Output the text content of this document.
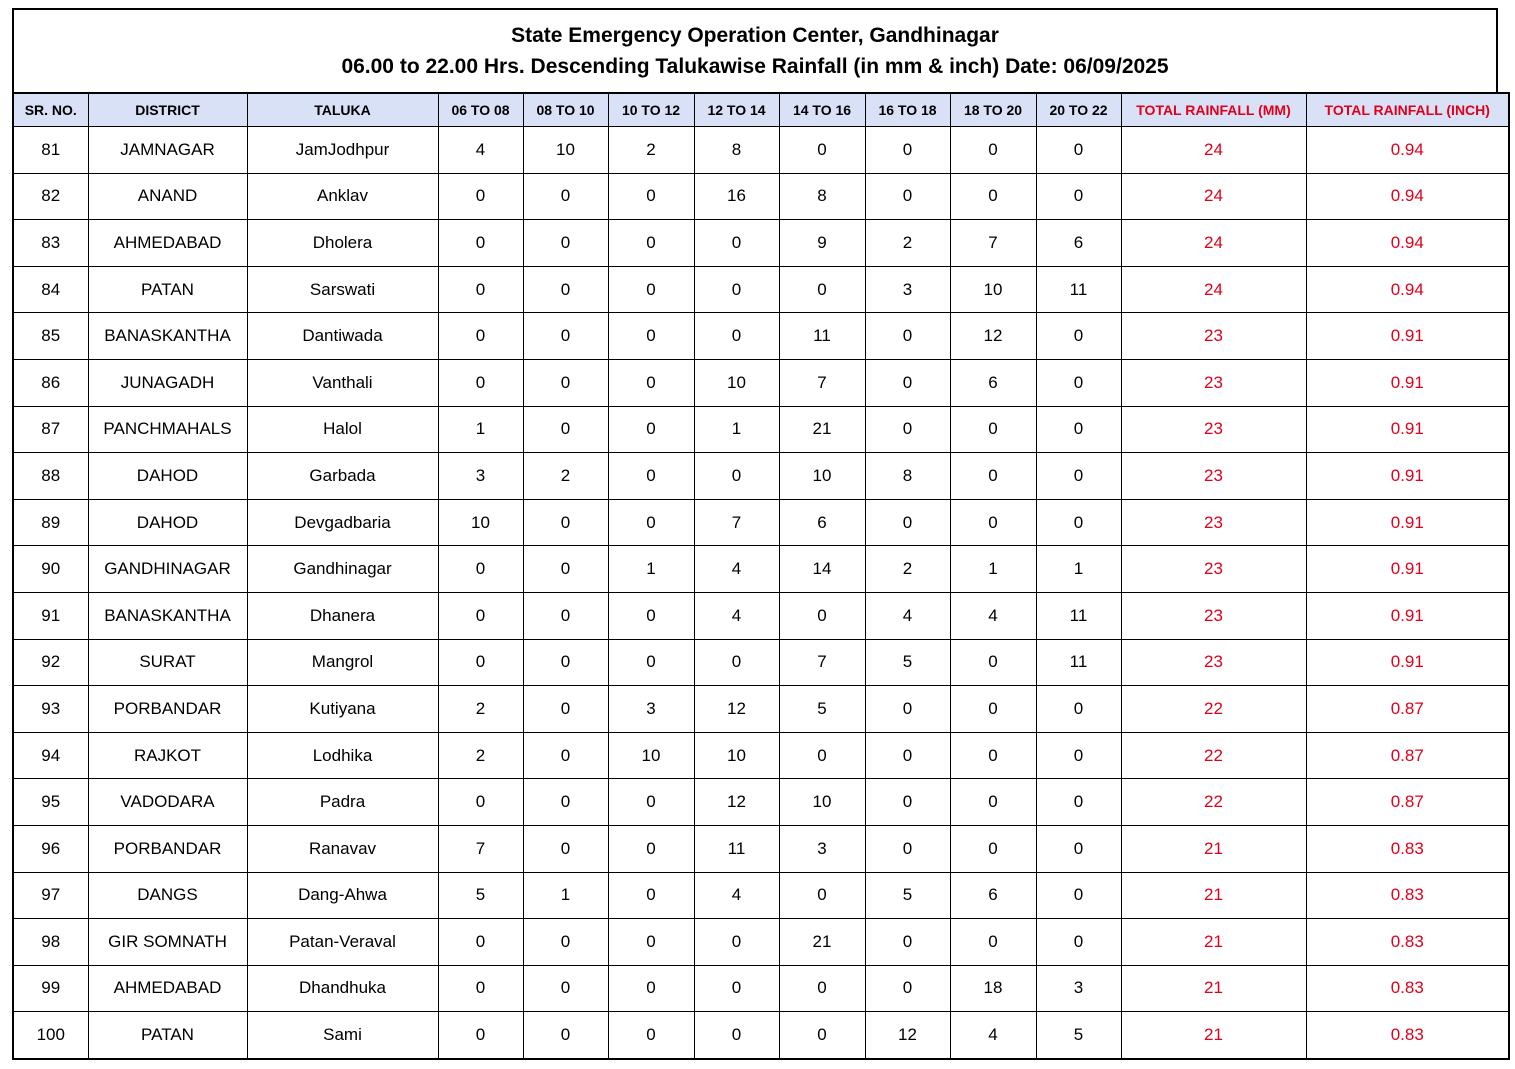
State Emergency Operation Center, Gandhinagar
06.00 to 22.00 Hrs. Descending Talukawise Rainfall (in mm & inch) Date: 06/09/2025
SR. NO.	DISTRICT	TALUKA	06 TO 08	08 TO 10	10 TO 12	12 TO 14	14 TO 16	16 TO 18	18 TO 20	20 TO 22	TOTAL RAINFALL (MM)	TOTAL RAINFALL (INCH)
81	JAMNAGAR	JamJodhpur	4	10	2	8	0	0	0	0	24	0.94
82	ANAND	Anklav	0	0	0	16	8	0	0	0	24	0.94
83	AHMEDABAD	Dholera	0	0	0	0	9	2	7	6	24	0.94
84	PATAN	Sarswati	0	0	0	0	0	3	10	11	24	0.94
85	BANASKANTHA	Dantiwada	0	0	0	0	11	0	12	0	23	0.91
86	JUNAGADH	Vanthali	0	0	0	10	7	0	6	0	23	0.91
87	PANCHMAHALS	Halol	1	0	0	1	21	0	0	0	23	0.91
88	DAHOD	Garbada	3	2	0	0	10	8	0	0	23	0.91
89	DAHOD	Devgadbaria	10	0	0	7	6	0	0	0	23	0.91
90	GANDHINAGAR	Gandhinagar	0	0	1	4	14	2	1	1	23	0.91
91	BANASKANTHA	Dhanera	0	0	0	4	0	4	4	11	23	0.91
92	SURAT	Mangrol	0	0	0	0	7	5	0	11	23	0.91
93	PORBANDAR	Kutiyana	2	0	3	12	5	0	0	0	22	0.87
94	RAJKOT	Lodhika	2	0	10	10	0	0	0	0	22	0.87
95	VADODARA	Padra	0	0	0	12	10	0	0	0	22	0.87
96	PORBANDAR	Ranavav	7	0	0	11	3	0	0	0	21	0.83
97	DANGS	Dang-Ahwa	5	1	0	4	0	5	6	0	21	0.83
98	GIR SOMNATH	Patan-Veraval	0	0	0	0	21	0	0	0	21	0.83
99	AHMEDABAD	Dhandhuka	0	0	0	0	0	0	18	3	21	0.83
100	PATAN	Sami	0	0	0	0	0	12	4	5	21	0.83
